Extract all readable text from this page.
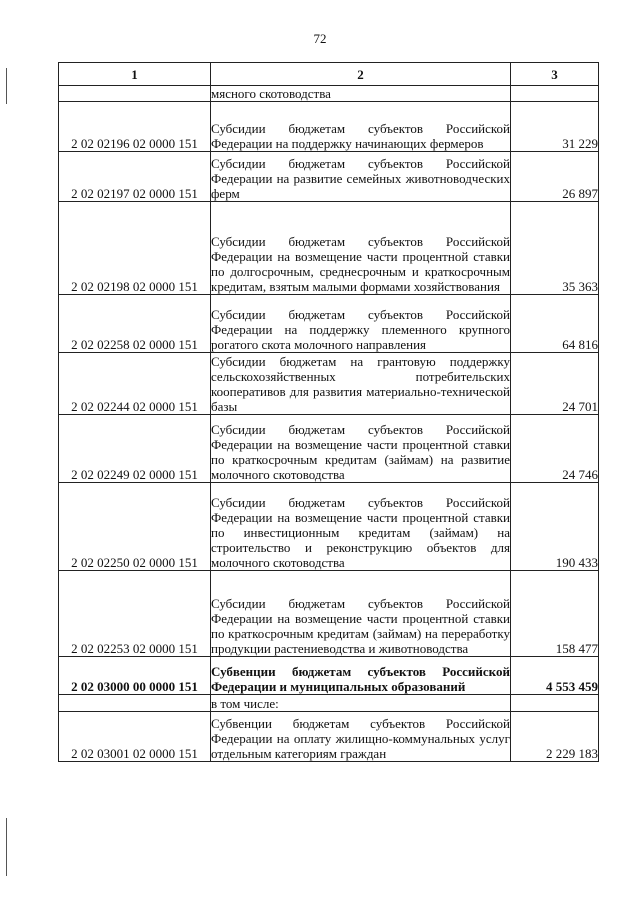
72
1	2	3
	мясного скотоводства	
2 02 02196 02 0000 151	Субсидии бюджетам субъектов Российской Федерации на поддержку начинающих фермеров	31 229
2 02 02197 02 0000 151	Субсидии бюджетам субъектов Российской Федерации на развитие семейных животноводческих ферм	26 897
2 02 02198 02 0000 151	Субсидии бюджетам субъектов Российской Федерации на возмещение части процентной ставки по долгосрочным, среднесрочным и краткосрочным кредитам, взятым малыми формами хозяйствования	35 363
2 02 02258 02 0000 151	Субсидии бюджетам субъектов Российской Федерации на поддержку племенного крупного рогатого скота молочного направления	64 816
2 02 02244 02 0000 151	Субсидии бюджетам на грантовую поддержку сельскохозяйственных потребительских кооперативов для развития материально-технической базы	24 701
2 02 02249 02 0000 151	Субсидии бюджетам субъектов Российской Федерации на возмещение части процентной ставки по краткосрочным кредитам (займам) на развитие молочного скотоводства	24 746
2 02 02250 02 0000 151	Субсидии бюджетам субъектов Российской Федерации на возмещение части процентной ставки по инвестиционным кредитам (займам) на строительство и реконструкцию объектов для молочного скотоводства	190 433
2 02 02253 02 0000 151	Субсидии бюджетам субъектов Российской Федерации на возмещение части процентной ставки по краткосрочным кредитам (займам) на переработку продукции растениеводства и животноводства	158 477
2 02 03000 00 0000 151	Субвенции бюджетам субъектов Российской Федерации и муниципальных образований	4 553 459
	в том числе:	
2 02 03001 02 0000 151	Субвенции бюджетам субъектов Российской Федерации на оплату жилищно-коммунальных услуг отдельным категориям граждан	2 229 183
